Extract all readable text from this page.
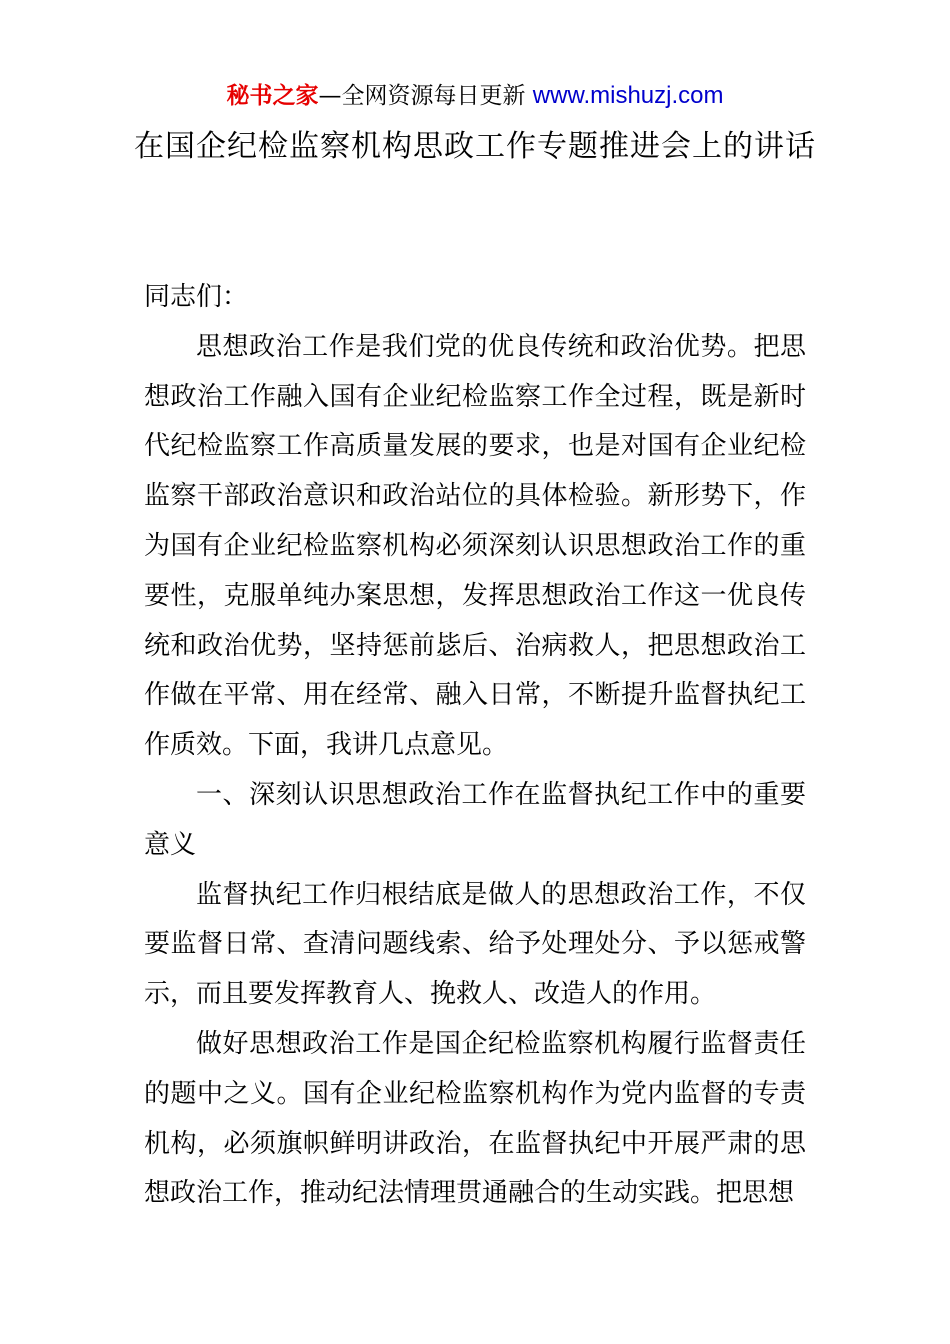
秘书之家—全网资源每日更新 www.mishuzj.com
在国企纪检监察机构思政工作专题推进会上的讲话

同志们：

思想政治工作是我们党的优良传统和政治优势。把思想政治工作融入国有企业纪检监察工作全过程，既是新时代纪检监察工作高质量发展的要求，也是对国有企业纪检监察干部政治意识和政治站位的具体检验。新形势下，作为国有企业纪检监察机构必须深刻认识思想政治工作的重要性，克服单纯办案思想，发挥思想政治工作这一优良传统和政治优势，坚持惩前毖后、治病救人，把思想政治工作做在平常、用在经常、融入日常，不断提升监督执纪工作质效。下面，我讲几点意见。

一、深刻认识思想政治工作在监督执纪工作中的重要意义

监督执纪工作归根结底是做人的思想政治工作，不仅要监督日常、查清问题线索、给予处理处分、予以惩戒警示，而且要发挥教育人、挽救人、改造人的作用。

做好思想政治工作是国企纪检监察机构履行监督责任的题中之义。国有企业纪检监察机构作为党内监督的专责机构，必须旗帜鲜明讲政治，在监督执纪中开展严肃的思想政治工作，推动纪法情理贯通融合的生动实践。把思想
